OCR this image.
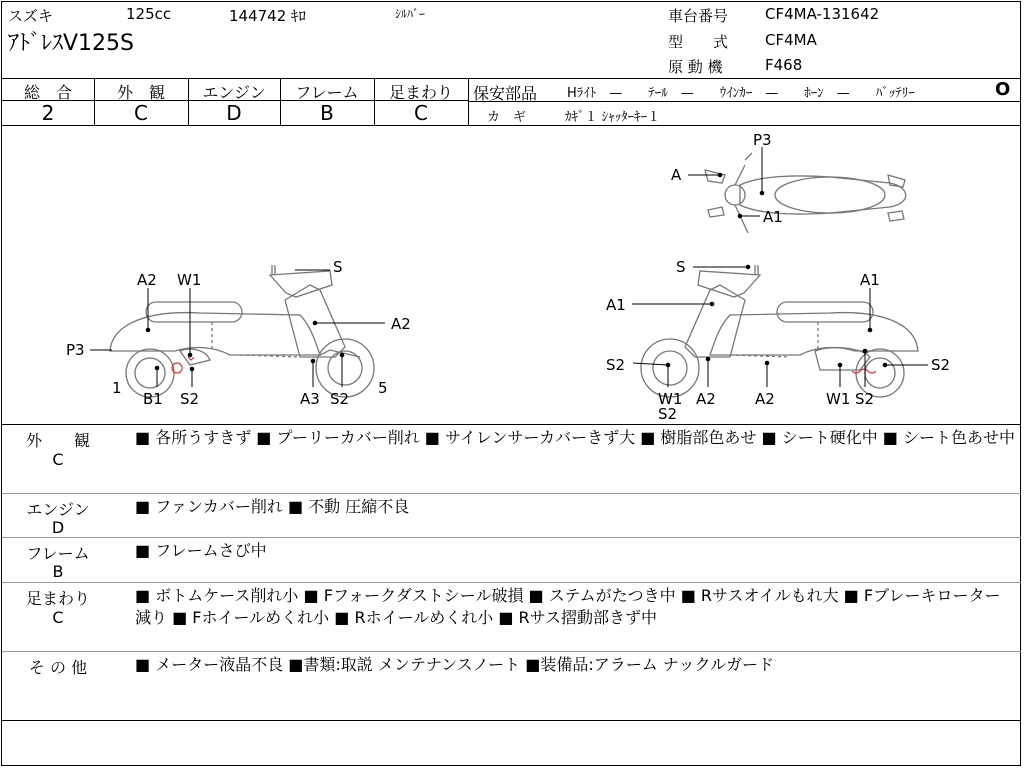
スズキ	125cc	144742 ｷﾛ	ｼﾙﾊﾞｰ
ｱﾄﾞﾚｽV125S
車台番号 CF4MA-131642
型　　式 CF4MA
原 動 機	F468
総　合	外　観	エンジン	フレーム	足まわり
2	C	D	B	C
保安部品 Hﾗｲﾄ　—　　ﾃｰﾙ　—　　ｳｲﾝｶｰ　—　　ﾎｰﾝ　—　　ﾊﾞｯﾃﾘｰ	O
カ　ギ	ｶｷﾞ１ ｼｬｯﾀｰｷｰ１
A2 W1
S
A2
P3
1
B1 S2	A3 S2
5
S
A1
A1
S2	S2
W1
S2
A2	A2	W1 S2
P3
A
A1
外　　観
C
■ 各所うすきず ■ プーリーカバー削れ ■ サイレンサーカバーきず大 ■ 樹脂部色あせ ■ シート硬化中 ■ シート色あせ中
エンジン
D
■ ファンカバー削れ ■ 不動 圧縮不良
フレーム
B
■ フレームさび中
足まわり
C
■ ボトムケース削れ小 ■ Fフォークダストシール破損 ■ ステムがたつき中 ■ Rサスオイルもれ大 ■ Fブレーキローター減り ■ Fホイールめくれ小 ■ Rホイールめくれ小 ■ Rサス摺動部きず中
そ の 他	■ メーター液晶不良 ■書類:取説 メンテナンスノート ■装備品:アラーム ナックルガード
